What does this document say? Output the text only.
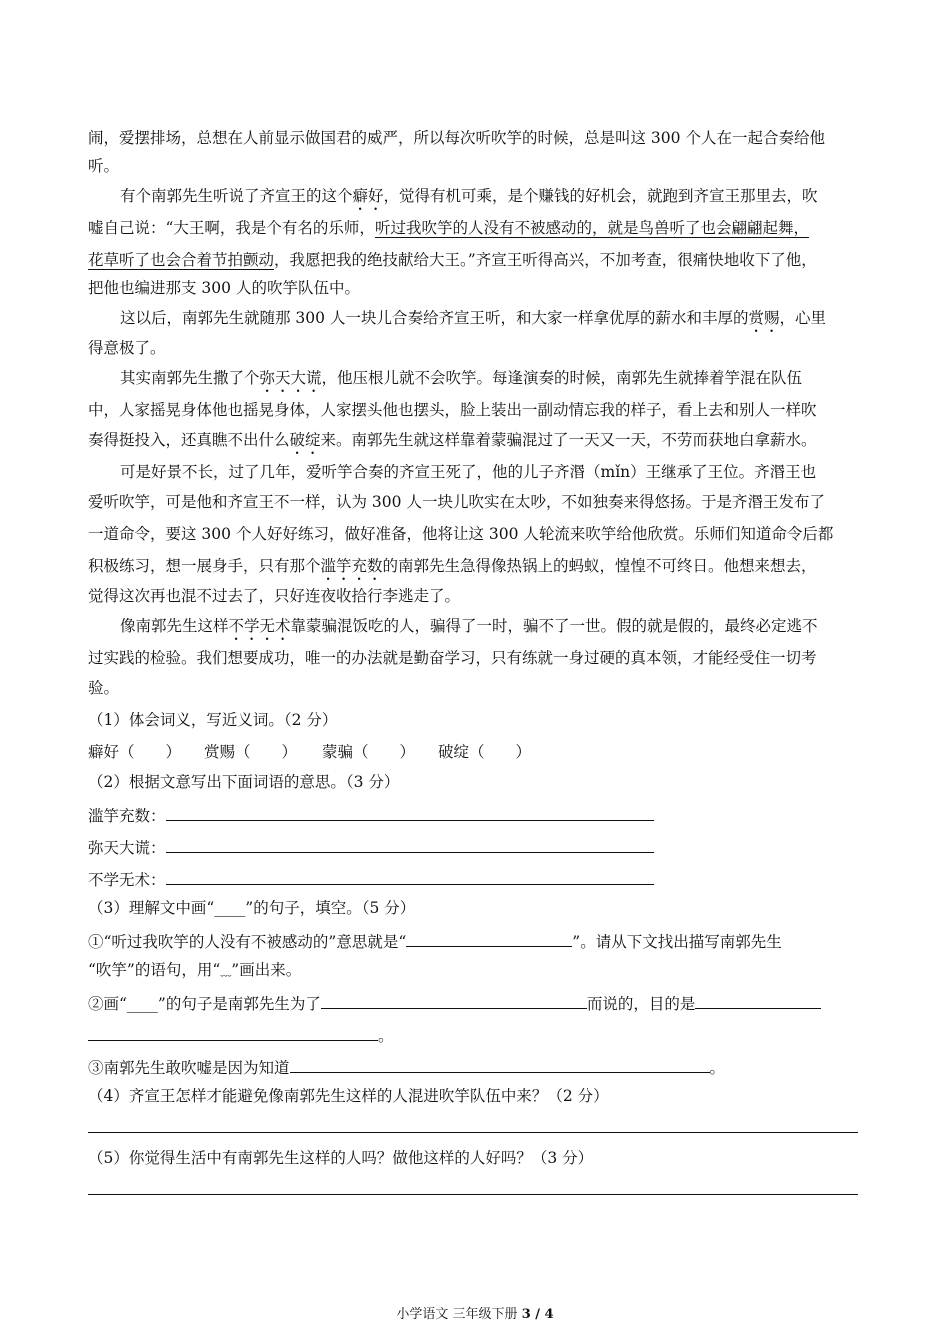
闹，爱摆排场，总想在人前显示做国君的威严，所以每次听吹竽的时候，总是叫这 300 个人在一起合奏给他
听。
有个南郭先生听说了齐宣王的这个癖好，觉得有机可乘，是个赚钱的好机会，就跑到齐宣王那里去，吹
嘘自己说：“大王啊，我是个有名的乐师，听过我吹竽的人没有不被感动的，就是鸟兽听了也会翩翩起舞，
花草听了也会合着节拍颤动，我愿把我的绝技献给大王。”齐宣王听得高兴，不加考查，很痛快地收下了他，
把他也编进那支 300 人的吹竽队伍中。
这以后，南郭先生就随那 300 人一块儿合奏给齐宣王听，和大家一样拿优厚的薪水和丰厚的赏赐，心里
得意极了。
其实南郭先生撒了个弥天大谎，他压根儿就不会吹竽。每逢演奏的时候，南郭先生就捧着竽混在队伍
中，人家摇晃身体他也摇晃身体，人家摆头他也摆头，脸上装出一副动情忘我的样子，看上去和别人一样吹
奏得挺投入，还真瞧不出什么破绽来。南郭先生就这样靠着蒙骗混过了一天又一天，不劳而获地白拿薪水。
可是好景不长，过了几年，爱听竽合奏的齐宣王死了，他的儿子齐湣（mǐn）王继承了王位。齐湣王也
爱听吹竽，可是他和齐宣王不一样，认为 300 人一块儿吹实在太吵，不如独奏来得悠扬。于是齐湣王发布了
一道命令，要这 300 个人好好练习，做好准备，他将让这 300 人轮流来吹竽给他欣赏。乐师们知道命令后都
积极练习，想一展身手，只有那个滥竽充数的南郭先生急得像热锅上的蚂蚁，惶惶不可终日。他想来想去，
觉得这次再也混不过去了，只好连夜收拾行李逃走了。
像南郭先生这样不学无术靠蒙骗混饭吃的人，骗得了一时，骗不了一世。假的就是假的，最终必定逃不
过实践的检验。我们想要成功，唯一的办法就是勤奋学习，只有练就一身过硬的真本领，才能经受住一切考
验。
（1）体会词义，写近义词。（2 分）
癖好（　　） 赏赐（　　） 蒙骗（　　） 破绽（　　）
（2）根据文意写出下面词语的意思。（3 分）
滥竽充数：
弥天大谎：
不学无术：
（3）理解文中画“____”的句子，填空。（5 分）
①“听过我吹竽的人没有不被感动的”意思就是“	”。请从下文找出描写南郭先生
“吹竽”的语句，用“﹏”画出来。
②画“____”的句子是南郭先生为了	而说的，目的是
。
③南郭先生敢吹嘘是因为知道	。
（4）齐宣王怎样才能避免像南郭先生这样的人混进吹竽队伍中来？（2 分）
（5）你觉得生活中有南郭先生这样的人吗？做他这样的人好吗？（3 分）
小学语文 三年级下册 3 / 4
